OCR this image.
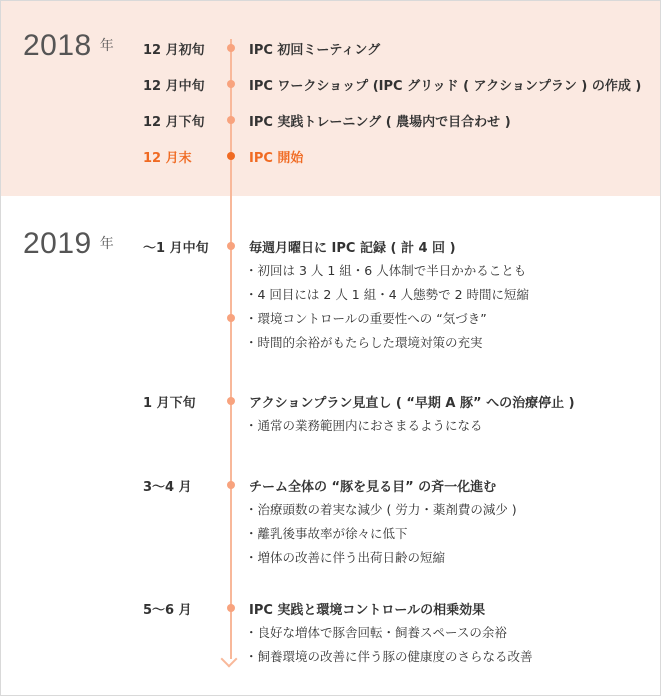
2018 年 12 月初旬	IPC 初回ミーティング
12 月中旬	IPC ワークショップ (IPC グリッド ( アクションプラン ) の作成 )
12 月下旬	IPC 実践トレーニング ( 農場内で目合わせ )
12 月末	IPC 開始
2019 年 〜1 月中旬	毎週月曜日に IPC 記録 ( 計 4 回 )
・初回は 3 人 1 組・6 人体制で半日かかることも
・4 回目には 2 人 1 組・4 人態勢で 2 時間に短縮
・環境コントロールの重要性への “気づき”
・時間的余裕がもたらした環境対策の充実
1 月下旬	アクションプラン見直し ( “早期 A 豚” への治療停止 )
・通常の業務範囲内におさまるようになる
3〜4 月	チーム全体の “豚を見る目” の斉一化進む
・治療頭数の着実な減少 ( 労力・薬剤費の減少 )
・離乳後事故率が徐々に低下
・増体の改善に伴う出荷日齢の短縮
5〜6 月	IPC 実践と環境コントロールの相乗効果
・良好な増体で豚舎回転・飼養スペースの余裕
・飼養環境の改善に伴う豚の健康度のさらなる改善
